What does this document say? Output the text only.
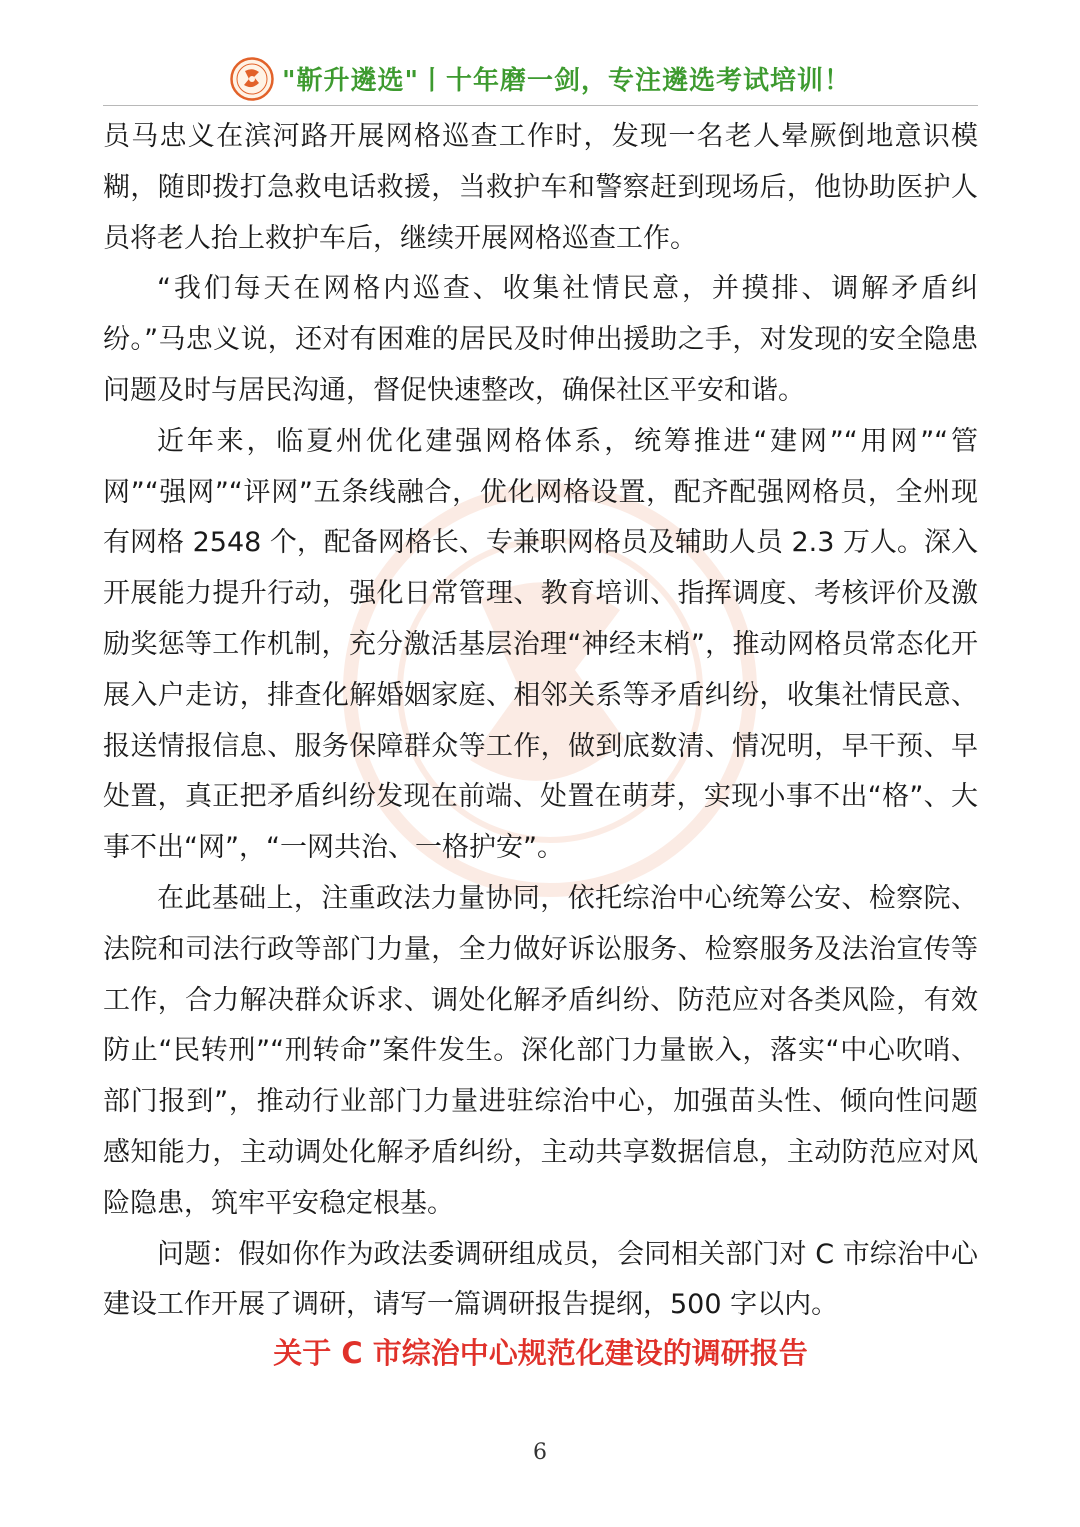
"靳升遴选"丨十年磨一剑，专注遴选考试培训！

员马忠义在滨河路开展网格巡查工作时，发现一名老人晕厥倒地意识模糊，随即拨打急救电话救援，当救护车和警察赶到现场后，他协助医护人员将老人抬上救护车后，继续开展网格巡查工作。

“我们每天在网格内巡查、收集社情民意，并摸排、调解矛盾纠纷。”马忠义说，还对有困难的居民及时伸出援助之手，对发现的安全隐患问题及时与居民沟通，督促快速整改，确保社区平安和谐。

近年来，临夏州优化建强网格体系，统筹推进“建网”“用网”“管网”“强网”“评网”五条线融合，优化网格设置，配齐配强网格员，全州现有网格 2548 个，配备网格长、专兼职网格员及辅助人员 2.3 万人。深入开展能力提升行动，强化日常管理、教育培训、指挥调度、考核评价及激励奖惩等工作机制，充分激活基层治理“神经末梢”，推动网格员常态化开展入户走访，排查化解婚姻家庭、相邻关系等矛盾纠纷，收集社情民意、报送情报信息、服务保障群众等工作，做到底数清、情况明，早干预、早处置，真正把矛盾纠纷发现在前端、处置在萌芽，实现小事不出“格”、大事不出“网”，“一网共治、一格护安”。

在此基础上，注重政法力量协同，依托综治中心统筹公安、检察院、法院和司法行政等部门力量，全力做好诉讼服务、检察服务及法治宣传等工作，合力解决群众诉求、调处化解矛盾纠纷、防范应对各类风险，有效防止“民转刑”“刑转命”案件发生。深化部门力量嵌入，落实“中心吹哨、部门报到”，推动行业部门力量进驻综治中心，加强苗头性、倾向性问题感知能力，主动调处化解矛盾纠纷，主动共享数据信息，主动防范应对风险隐患，筑牢平安稳定根基。

问题：假如你作为政法委调研组成员，会同相关部门对 C 市综治中心建设工作开展了调研，请写一篇调研报告提纲，500 字以内。

关于 C 市综治中心规范化建设的调研报告
6
